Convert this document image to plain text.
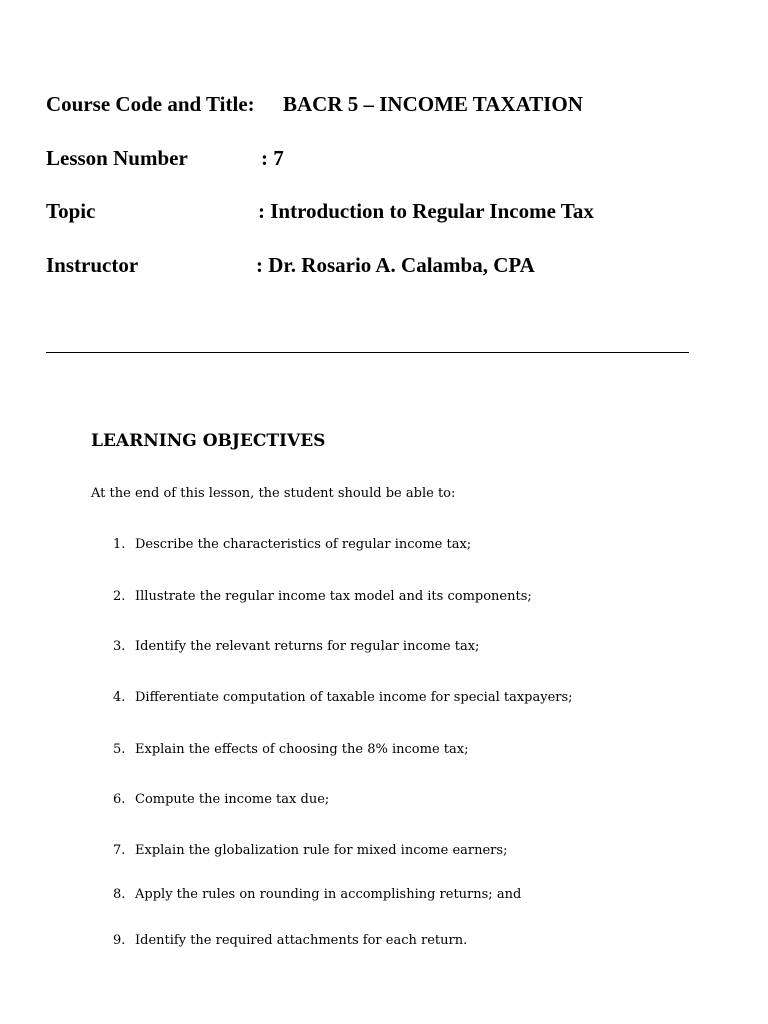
Course Code and Title: BACR 5 – INCOME TAXATION
Lesson Number	: 7
Topic	: Introduction to Regular Income Tax
Instructor	: Dr. Rosario A. Calamba, CPA
LEARNING OBJECTIVES
At the end of this lesson, the student should be able to:
1. Describe the characteristics of regular income tax;
2. Illustrate the regular income tax model and its components;
3. Identify the relevant returns for regular income tax;
4. Differentiate computation of taxable income for special taxpayers;
5. Explain the effects of choosing the 8% income tax;
6. Compute the income tax due;
7. Explain the globalization rule for mixed income earners;
8. Apply the rules on rounding in accomplishing returns; and
9. Identify the required attachments for each return.
